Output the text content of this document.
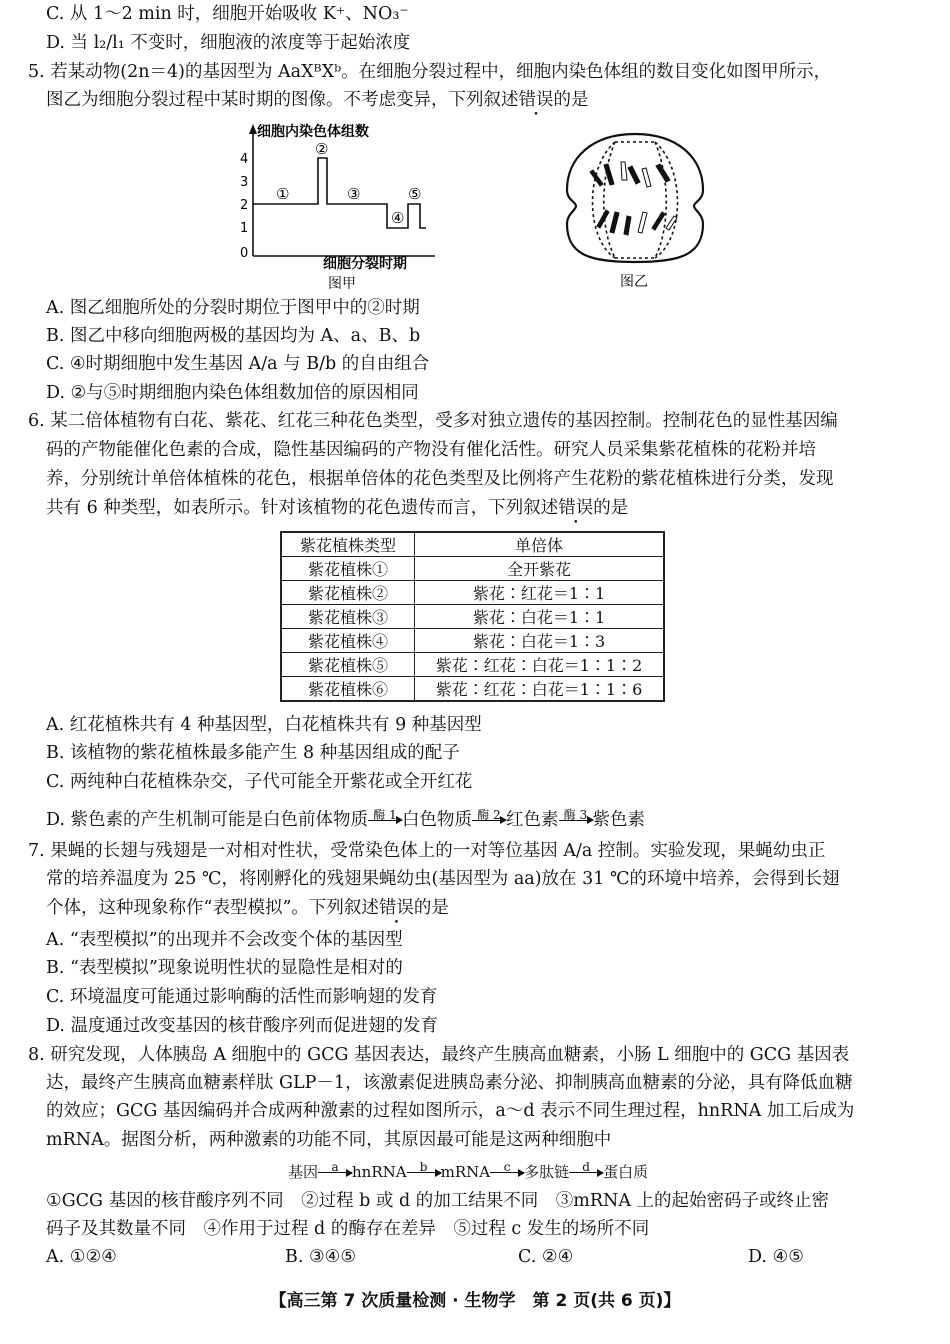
C. 从 1～2 min 时，细胞开始吸收 K⁺、NO₃⁻
D. 当 l₂/l₁ 不变时，细胞液的浓度等于起始浓度
5. 若某动物(2n＝4)的基因型为 AaXᴮXᵇ。在细胞分裂过程中，细胞内染色体组的数目变化如图甲所示，
图乙为细胞分裂过程中某时期的图像。不考虑变异，下列叙述错误的是
细胞内染色体组数
4
3
2
1
0
①
②
③
④
⑤
细胞分裂时期
图甲	图乙
A. 图乙细胞所处的分裂时期位于图甲中的②时期
B. 图乙中移向细胞两极的基因均为 A、a、B、b
C. ④时期细胞中发生基因 A/a 与 B/b 的自由组合
D. ②与⑤时期细胞内染色体组数加倍的原因相同
6. 某二倍体植物有白花、紫花、红花三种花色类型，受多对独立遗传的基因控制。控制花色的显性基因编
码的产物能催化色素的合成，隐性基因编码的产物没有催化活性。研究人员采集紫花植株的花粉并培
养，分别统计单倍体植株的花色，根据单倍体的花色类型及比例将产生花粉的紫花植株进行分类，发现
共有 6 种类型，如表所示。针对该植物的花色遗传而言，下列叙述错误的是
紫花植株类型	单倍体
紫花植株①	全开紫花
紫花植株②	紫花∶红花＝1∶1
紫花植株③	紫花∶白花＝1∶1
紫花植株④	紫花∶白花＝1∶3
紫花植株⑤	紫花∶红花∶白花＝1∶1∶2
紫花植株⑥	紫花∶红花∶白花＝1∶1∶6
A. 红花植株共有 4 种基因型，白花植株共有 9 种基因型
B. 该植物的紫花植株最多能产生 8 种基因组成的配子
C. 两纯种白花植株杂交，子代可能全开紫花或全开红花
D. 紫色素的产生机制可能是白色前体物质 酶 1 白色物质 酶 2 红色素 酶 3 紫色素
7. 果蝇的长翅与残翅是一对相对性状，受常染色体上的一对等位基因 A/a 控制。实验发现，果蝇幼虫正
常的培养温度为 25 ℃，将刚孵化的残翅果蝇幼虫(基因型为 aa)放在 31 ℃的环境中培养，会得到长翅
个体，这种现象称作“表型模拟”。下列叙述错误的是
A. “表型模拟”的出现并不会改变个体的基因型
B. “表型模拟”现象说明性状的显隐性是相对的
C. 环境温度可能通过影响酶的活性而影响翅的发育
D. 温度通过改变基因的核苷酸序列而促进翅的发育
8. 研究发现，人体胰岛 A 细胞中的 GCG 基因表达，最终产生胰高血糖素，小肠 L 细胞中的 GCG 基因表
达，最终产生胰高血糖素样肽 GLP－1，该激素促进胰岛素分泌、抑制胰高血糖素的分泌，具有降低血糖
的效应；GCG 基因编码并合成两种激素的过程如图所示，a～d 表示不同生理过程，hnRNA 加工后成为
mRNA。据图分析，两种激素的功能不同，其原因最可能是这两种细胞中
基因	a hnRNA	b mRNA	c 多肽链	d 蛋白质
①GCG 基因的核苷酸序列不同　②过程 b 或 d 的加工结果不同　③mRNA 上的起始密码子或终止密
码子及其数量不同　④作用于过程 d 的酶存在差异　⑤过程 c 发生的场所不同
A. ①②④	B. ③④⑤	C. ②④	D. ④⑤
【高三第 7 次质量检测 · 生物学　第 2 页(共 6 页)】
